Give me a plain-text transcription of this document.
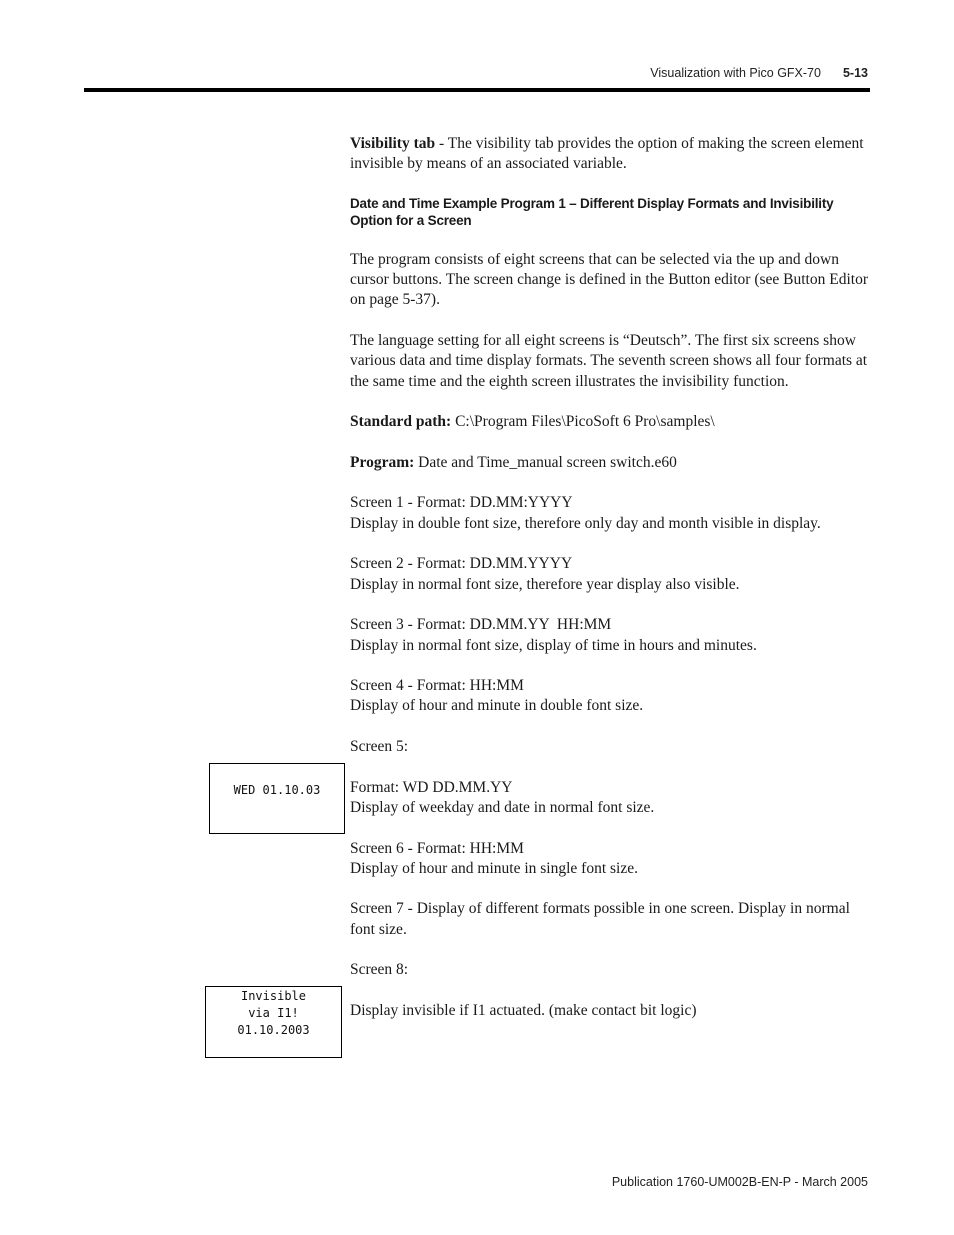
Visualization with Pico GFX-70 5-13

Visibility tab - The visibility tab provides the option of making the screen element invisible by means of an associated variable.

Date and Time Example Program 1 – Different Display Formats and Invisibility Option for a Screen

The program consists of eight screens that can be selected via the up and down cursor buttons. The screen change is defined in the Button editor (see Button Editor on page 5-37).

The language setting for all eight screens is “Deutsch”. The first six screens show various data and time display formats. The seventh screen shows all four formats at the same time and the eighth screen illustrates the invisibility function.

Standard path: C:\Program Files\PicoSoft 6 Pro\samples\

Program: Date and Time_manual screen switch.e60

Screen 1 - Format: DD.MM:YYYY
Display in double font size, therefore only day and month visible in display.

Screen 2 - Format: DD.MM.YYYY
Display in normal font size, therefore year display also visible.

Screen 3 - Format: DD.MM.YY  HH:MM
Display in normal font size, display of time in hours and minutes.

Screen 4 - Format: HH:MM
Display of hour and minute in double font size.

Screen 5:

Format: WD DD.MM.YY
Display of weekday and date in normal font size.

Screen 6 - Format: HH:MM
Display of hour and minute in single font size.

Screen 7 - Display of different formats possible in one screen. Display in normal font size.

Screen 8:

Display invisible if I1 actuated. (make contact bit logic)

WED 01.10.03
Invisible
via I1!
01.10.2003
Publication 1760-UM002B-EN-P - March 2005
